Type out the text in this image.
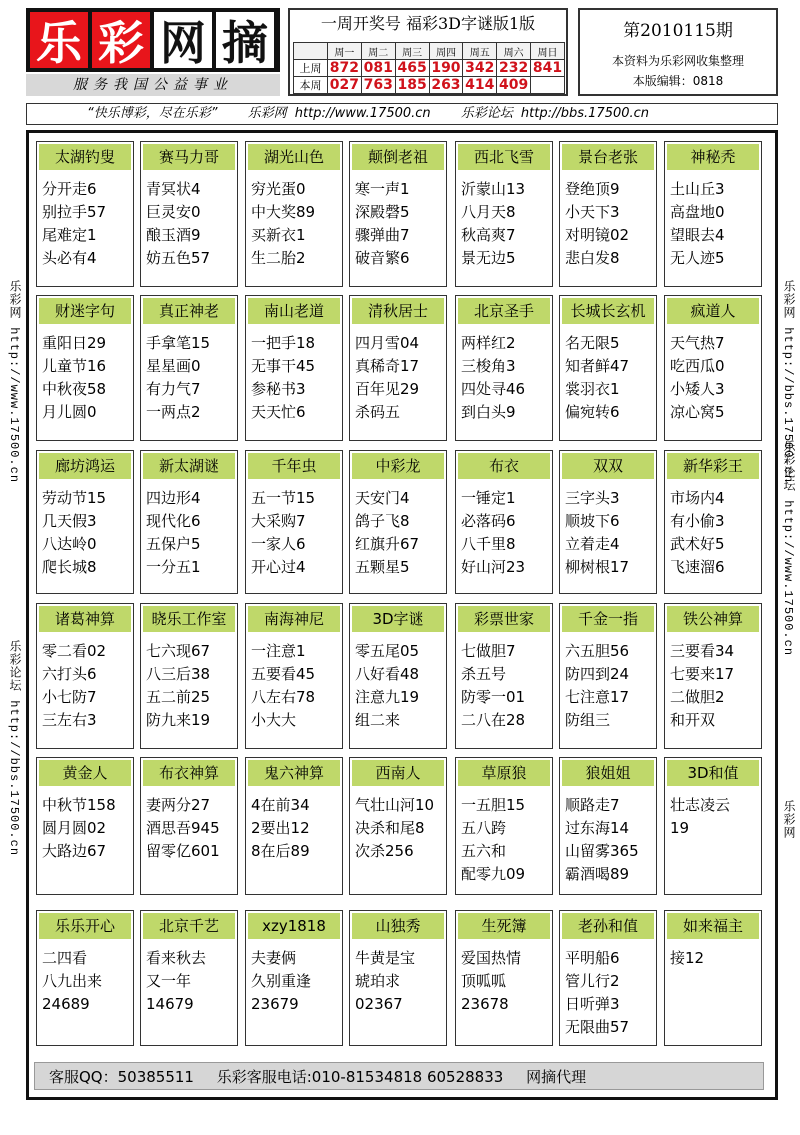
乐 彩 网 摘
服务我国公益事业
一周开奖号 福彩3D字谜版1版
	周一	周二	周三	周四	周五	周六	周日
上周	872	081	465	190	342	232	841
本周	027	763	185	263	414	409	
第2010115期
本资料为乐彩网收集整理
本版编辑：0818
“快乐博彩，尽在乐彩” 乐彩网 http://www.17500.cn 乐彩论坛 http://bbs.17500.cn
乐彩网 http://www.17500.cn
乐彩论坛 http://bbs.17500.cn
乐彩网 http://bbs.17500.cn
乐彩论坛 http://www.17500.cn
乐彩网
太湖钓叟
分开走6
别拉手57
尾难定1
头必有4
赛马力哥
青冥状4
巨灵安0
酿玉酒9
妨五色57
湖光山色
穷光蛋0
中大奖89
买新衣1
生二胎2
颠倒老祖
寒一声1
深殿磬5
骤弹曲7
破音繁6
西北飞雪
沂蒙山13
八月天8
秋高爽7
景无边5
景台老张
登绝顶9
小天下3
对明镜02
悲白发8
神秘秃
土山丘3
高盘地0
望眼去4
无人迹5
财迷字句
重阳日29
儿童节16
中秋夜58
月儿圆0
真正神老
手拿笔15
星星画0
有力气7
一两点2
南山老道
一把手18
无事干45
参秘书3
天天忙6
清秋居士
四月雪04
真稀奇17
百年见29
杀码五
北京圣手
两样红2
三梭角3
四处寻46
到白头9
长城长玄机
名无限5
知者鲜47
裳羽衣1
偏宛转6
疯道人
天气热7
吃西瓜0
小矮人3
凉心窝5
廊坊鸿运
劳动节15
几天假3
八达岭0
爬长城8
新太湖谜
四边形4
现代化6
五保户5
一分五1
千年虫
五一节15
大采购7
一家人6
开心过4
中彩龙
天安门4
鸽子飞8
红旗升67
五颗星5
布衣
一锤定1
必落码6
八千里8
好山河23
双双
三字头3
顺坡下6
立着走4
柳树根17
新华彩王
市场内4
有小偷3
武术好5
飞速溜6
诸葛神算
零二看02
六打头6
小七防7
三左右3
晓乐工作室
七六现67
八三后38
五二前25
防九来19
南海神尼
一注意1
五要看45
八左右78
小大大
3D字谜
零五尾05
八好看48
注意九19
组二来
彩票世家
七做胆7
杀五号
防零一01
二八在28
千金一指
六五胆56
防四到24
七注意17
防组三
铁公神算
三要看34
七要来17
二做胆2
和开双
黄金人
中秋节158
圆月圆02
大路边67
布衣神算
妻两分27
酒思吾945
留零亿601
鬼六神算
4在前34
2要出12
8在后89
西南人
气壮山河10
决杀和尾8
次杀256
草原狼
一五胆15
五八跨
五六和
配零九09
狼姐姐
顺路走7
过东海14
山留雾365
霸酒喝89
3D和值
壮志凌云
19
乐乐开心
二四看
八九出来
24689
北京千艺
看来秋去
又一年
14679
xzy1818
夫妻俩
久别重逢
23679
山独秀
牛黄是宝
琥珀求
02367
生死簿
爱国热情
顶呱呱
23678
老孙和值
平明船6
管儿行2
日听弹3
无限曲57
如来福主
接12
客服QQ：50385511 乐彩客服电话:010-81534818 60528833 网摘代理
